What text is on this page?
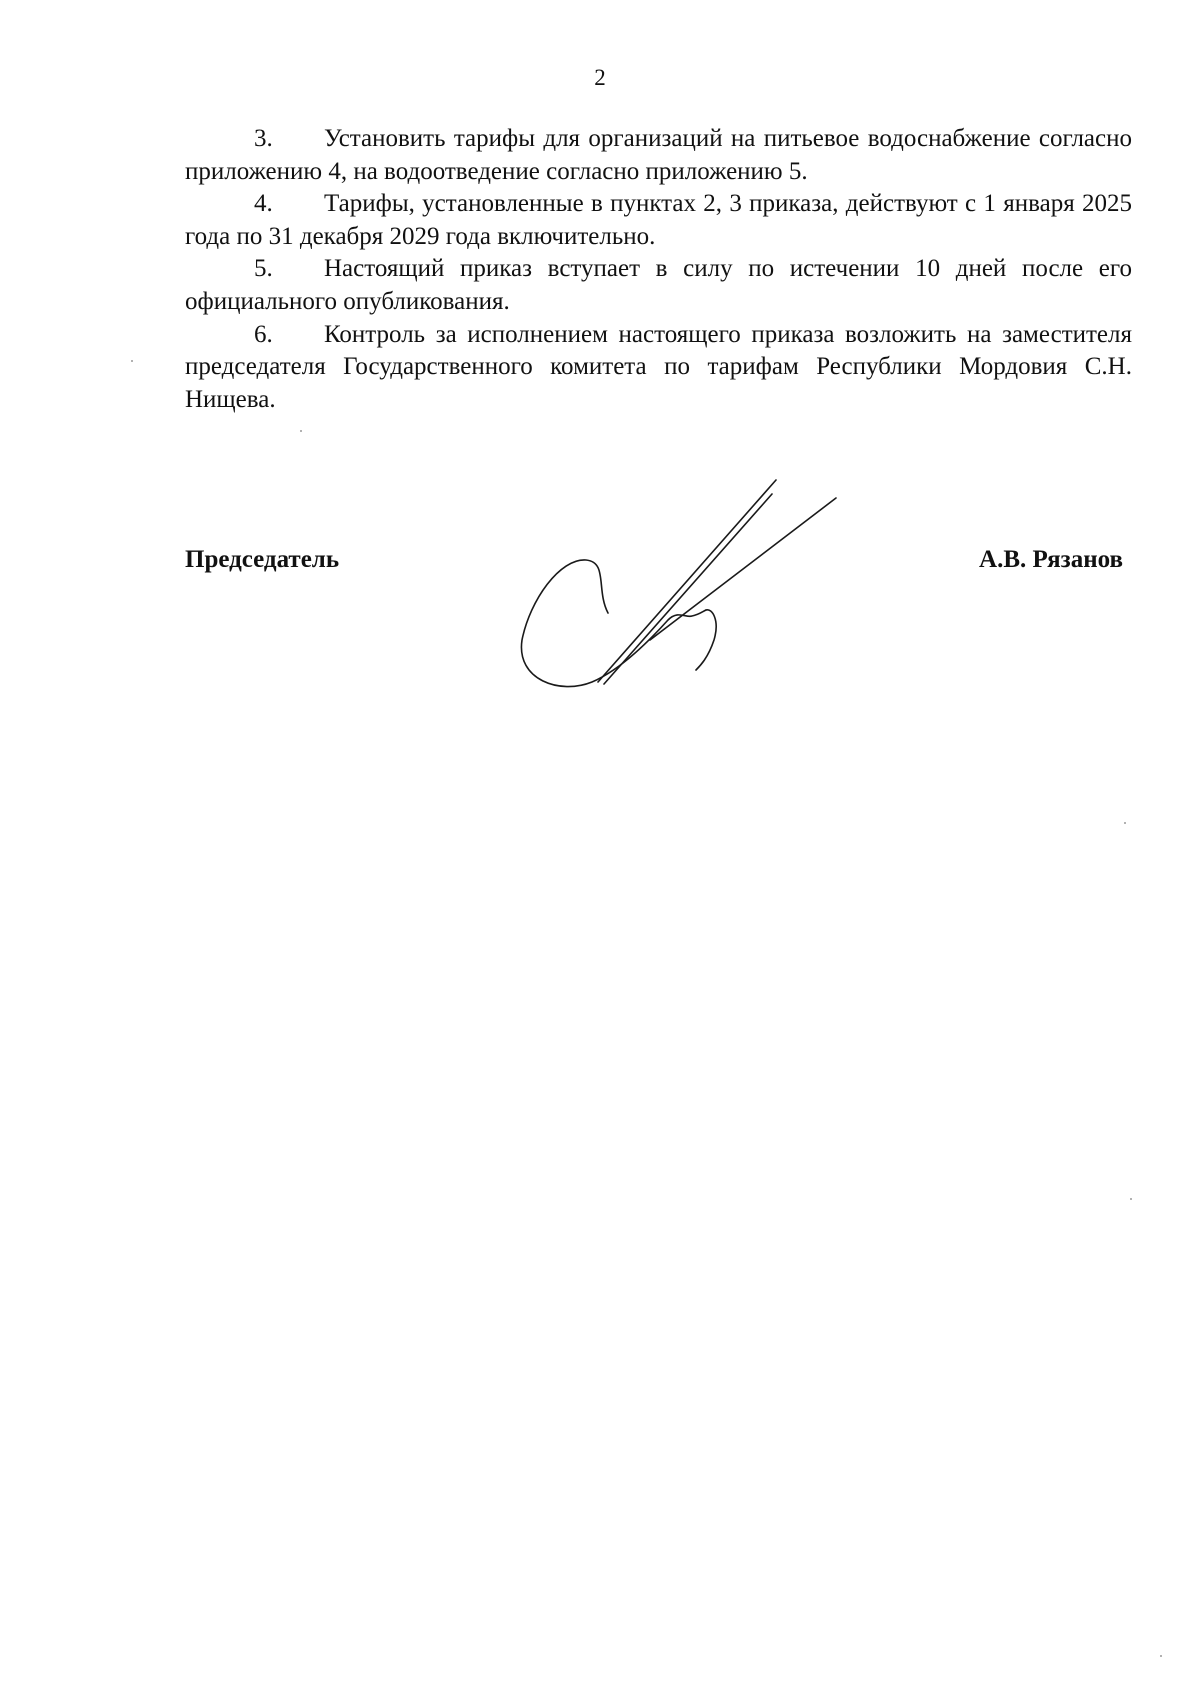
2

3. Установить тарифы для организаций на питьевое водоснабжение согласно приложению 4, на водоотведение согласно приложению 5.

4. Тарифы, установленные в пунктах 2, 3 приказа, действуют с 1 января 2025 года по 31 декабря 2029 года включительно.

5. Настоящий приказ вступает в силу по истечении 10 дней после его официального опубликования.

6. Контроль за исполнением настоящего приказа возложить на заместителя председателя Государственного комитета по тарифам Республики Мордовия С.Н. Нищева.

Председатель	А.В. Рязанов
